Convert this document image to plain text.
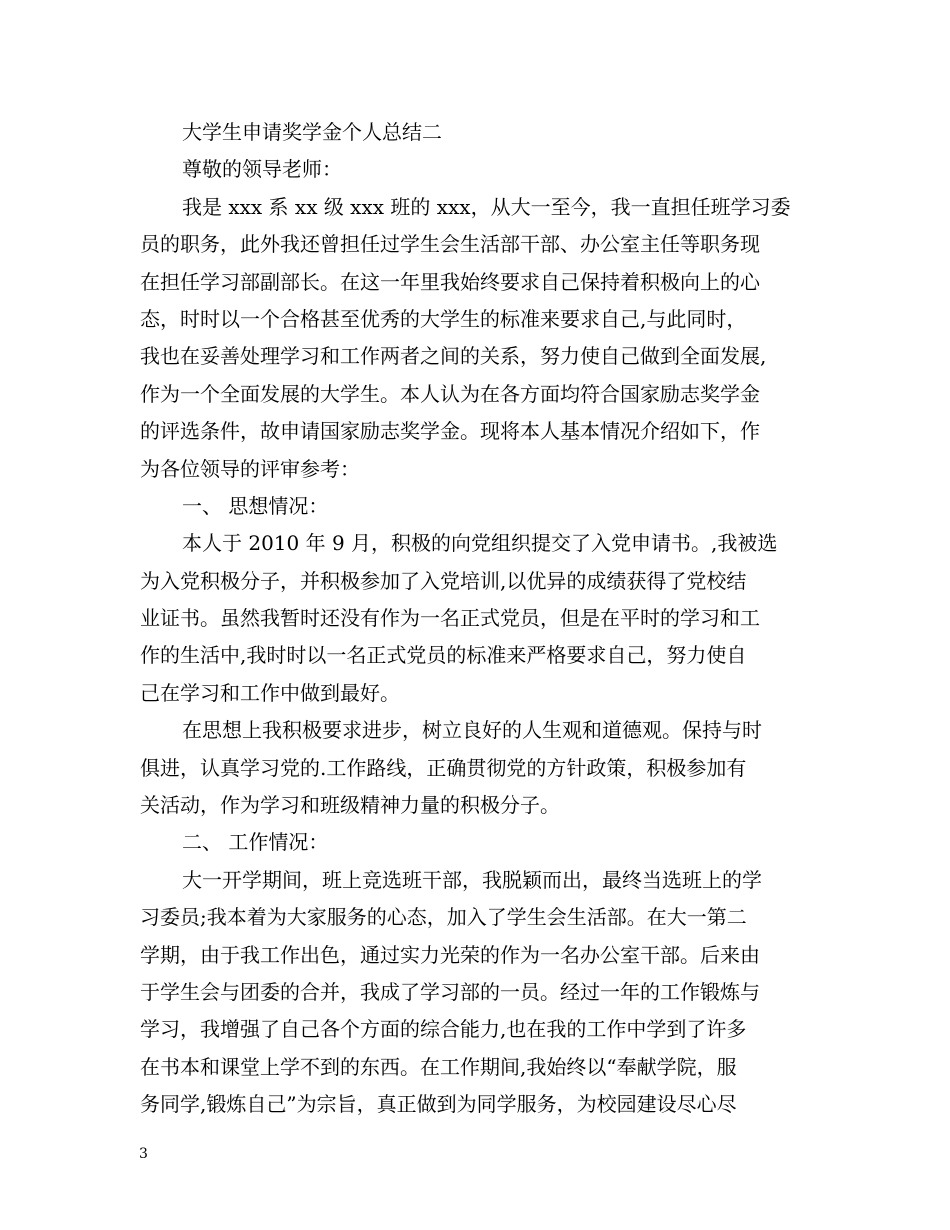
大学生申请奖学金个人总结二
尊敬的领导老师：
我是 xxx 系 xx 级 xxx 班的 xxx，从大一至今，我一直担任班学习委
员的职务，此外我还曾担任过学生会生活部干部、办公室主任等职务现
在担任学习部副部长。在这一年里我始终要求自己保持着积极向上的心
态，时时以一个合格甚至优秀的大学生的标准来要求自己,与此同时，
我也在妥善处理学习和工作两者之间的关系，努力使自己做到全面发展,
作为一个全面发展的大学生。本人认为在各方面均符合国家励志奖学金
的评选条件，故申请国家励志奖学金。现将本人基本情况介绍如下，作
为各位领导的评审参考：
一、 思想情况：
本人于 2010 年 9 月，积极的向党组织提交了入党申请书。,我被选
为入党积极分子，并积极参加了入党培训,以优异的成绩获得了党校结
业证书。虽然我暂时还没有作为一名正式党员，但是在平时的学习和工
作的生活中,我时时以一名正式党员的标准来严格要求自己，努力使自
己在学习和工作中做到最好。
在思想上我积极要求进步，树立良好的人生观和道德观。保持与时
俱进，认真学习党的.工作路线，正确贯彻党的方针政策，积极参加有
关活动，作为学习和班级精神力量的积极分子。
二、 工作情况：
大一开学期间，班上竞选班干部，我脱颖而出，最终当选班上的学
习委员;我本着为大家服务的心态，加入了学生会生活部。在大一第二
学期，由于我工作出色，通过实力光荣的作为一名办公室干部。后来由
于学生会与团委的合并，我成了学习部的一员。经过一年的工作锻炼与
学习，我增强了自己各个方面的综合能力,也在我的工作中学到了许多
在书本和课堂上学不到的东西。在工作期间,我始终以“奉献学院，服
务同学,锻炼自己”为宗旨，真正做到为同学服务，为校园建设尽心尽
3
